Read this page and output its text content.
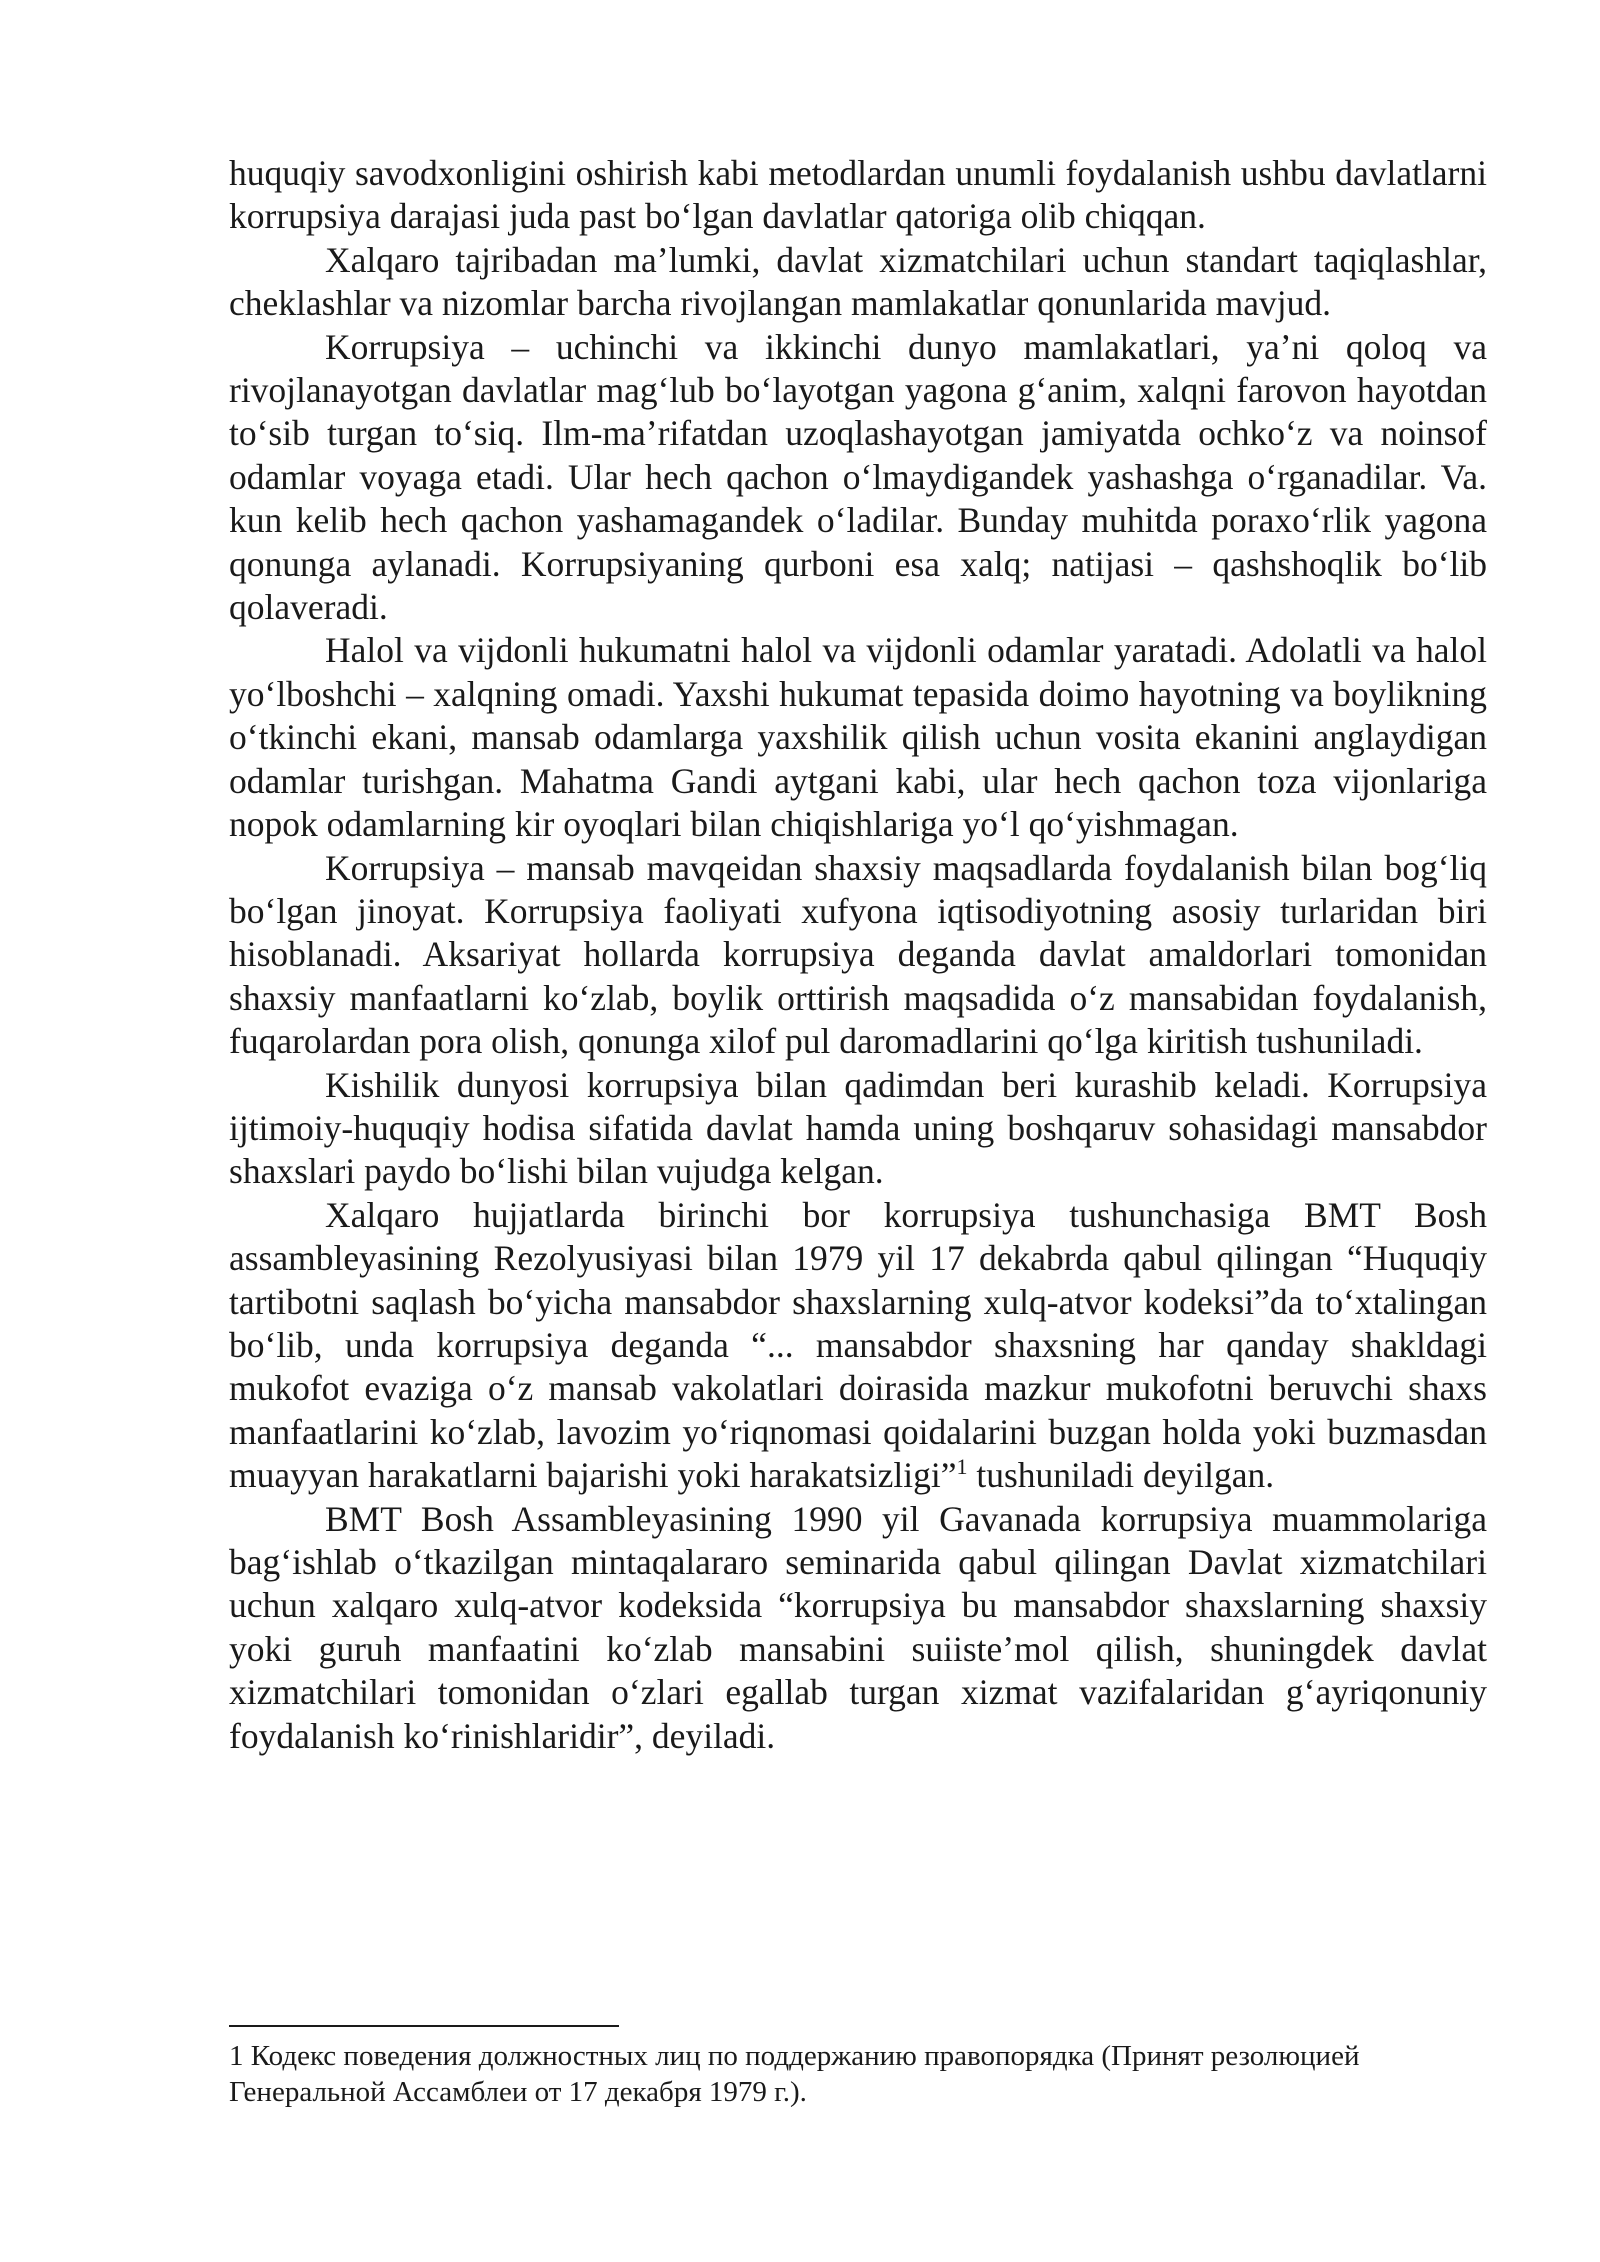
huquqiy savodxonligini oshirish kabi metodlardan unumli foydalanish ushbu davlatlarni korrupsiya darajasi juda past boʻlgan davlatlar qatoriga olib chiqqan.

Xalqaro tajribadan maʼlumki, davlat xizmatchilari uchun standart taqiqlashlar, cheklashlar va nizomlar barcha rivojlangan mamlakatlar qonunlarida mavjud.

Korrupsiya – uchinchi va ikkinchi dunyo mamlakatlari, yaʼni qoloq va rivojlanayotgan davlatlar magʻlub boʻlayotgan yagona gʻanim, xalqni farovon hayotdan toʻsib turgan toʻsiq. Ilm-maʼrifatdan uzoqlashayotgan jamiyatda ochkoʻz va noinsof odamlar voyaga etadi. Ular hech qachon oʻlmaydigandek yashashga oʻrganadilar. Va. kun kelib hech qachon yashamagandek oʻladilar. Bunday muhitda poraxoʻrlik yagona qonunga aylanadi. Korrupsiyaning qurboni esa xalq; natijasi – qashshoqlik boʻlib qolaveradi.

Halol va vijdonli hukumatni halol va vijdonli odamlar yaratadi. Adolatli va halol yoʻlboshchi – xalqning omadi. Yaxshi hukumat tepasida doimo hayotning va boylikning oʻtkinchi ekani, mansab odamlarga yaxshilik qilish uchun vosita ekanini anglaydigan odamlar turishgan. Mahatma Gandi aytgani kabi, ular hech qachon toza vijonlariga nopok odamlarning kir oyoqlari bilan chiqishlariga yoʻl qoʻyishmagan.

Korrupsiya – mansab mavqeidan shaxsiy maqsadlarda foydalanish bilan bogʻliq boʻlgan jinoyat. Korrupsiya faoliyati xufyona iqtisodiyotning asosiy turlaridan biri hisoblanadi. Aksariyat hollarda korrupsiya deganda davlat amaldorlari tomonidan shaxsiy manfaatlarni koʻzlab, boylik orttirish maqsadida oʻz mansabidan foydalanish, fuqarolardan pora olish, qonunga xilof pul daromadlarini qoʻlga kiritish tushuniladi.

Kishilik dunyosi korrupsiya bilan qadimdan beri kurashib keladi. Korrupsiya ijtimoiy-huquqiy hodisa sifatida davlat hamda uning boshqaruv sohasidagi mansabdor shaxslari paydo boʻlishi bilan vujudga kelgan.

Xalqaro hujjatlarda birinchi bor korrupsiya tushunchasiga BMT Bosh assambleyasining Rezolyusiyasi bilan 1979 yil 17 dekabrda qabul qilingan “Huquqiy tartibotni saqlash boʻyicha mansabdor shaxslarning xulq-atvor kodeksi”da toʻxtalingan boʻlib, unda korrupsiya deganda “... mansabdor shaxsning har qanday shakldagi mukofot evaziga oʻz mansab vakolatlari doirasida mazkur mukofotni beruvchi shaxs manfaatlarini koʻzlab, lavozim yoʻriqnomasi qoidalarini buzgan holda yoki buzmasdan muayyan harakatlarni bajarishi yoki harakatsizligi”$^1$ tushuniladi deyilgan.

BMT Bosh Assambleyasining 1990 yil Gavanada korrupsiya muammolariga bagʻishlab oʻtkazilgan mintaqalararo seminarida qabul qilingan Davlat xizmatchilari uchun xalqaro xulq-atvor kodeksida “korrupsiya bu mansabdor shaxslarning shaxsiy yoki guruh manfaatini koʻzlab mansabini suiisteʼmol qilish, shuningdek davlat xizmatchilari tomonidan oʻzlari egallab turgan xizmat vazifalaridan gʻayriqonuniy foydalanish koʻrinishlaridir”, deyiladi.

1 Кодекс поведения должностных лиц по поддержанию правопорядка (Принят резолюцией Генеральной Ассамблеи от 17 декабря 1979 г.).
